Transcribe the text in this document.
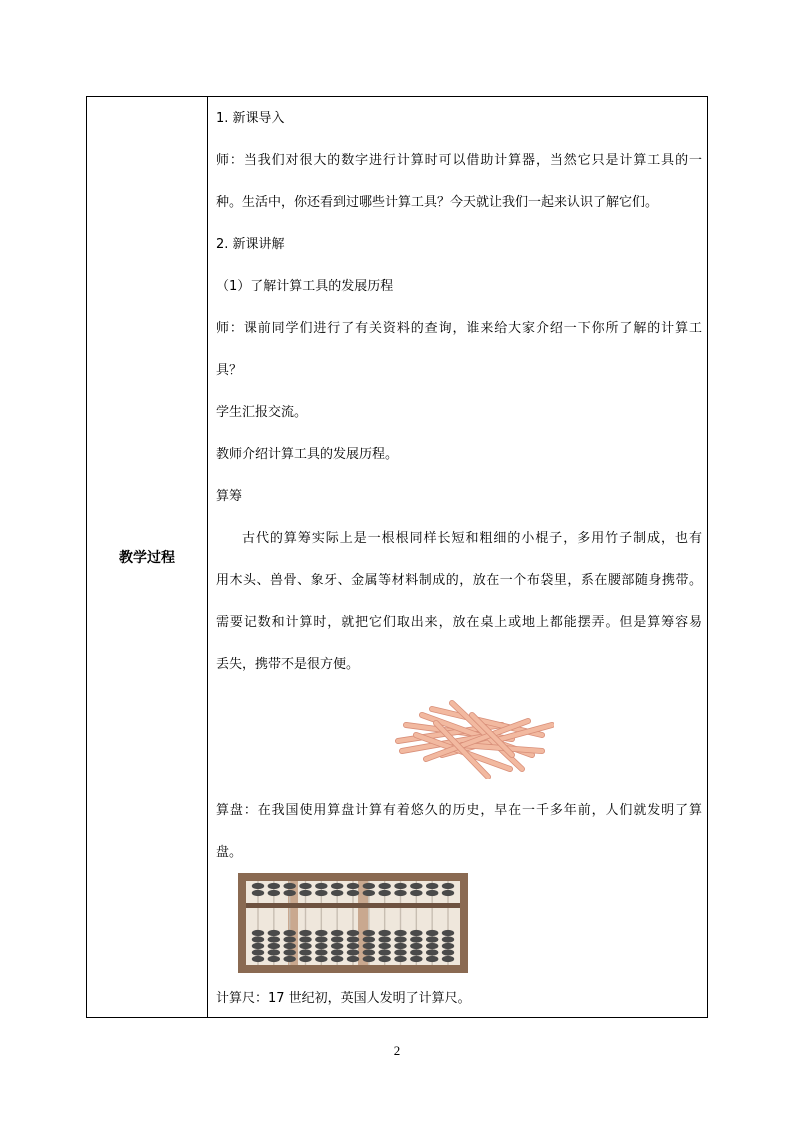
教学过程
1. 新课导入
师：当我们对很大的数字进行计算时可以借助计算器，当然它只是计算工具的一
种。生活中，你还看到过哪些计算工具？今天就让我们一起来认识了解它们。
2. 新课讲解
（1）了解计算工具的发展历程
师：课前同学们进行了有关资料的查询，谁来给大家介绍一下你所了解的计算工
具？
学生汇报交流。
教师介绍计算工具的发展历程。
算筹
古代的算筹实际上是一根根同样长短和粗细的小棍子，多用竹子制成，也有
用木头、兽骨、象牙、金属等材料制成的，放在一个布袋里，系在腰部随身携带。
需要记数和计算时，就把它们取出来，放在桌上或地上都能摆弄。但是算筹容易
丢失，携带不是很方便。
算盘：在我国使用算盘计算有着悠久的历史，早在一千多年前，人们就发明了算
盘。
计算尺：17 世纪初，英国人发明了计算尺。
2
